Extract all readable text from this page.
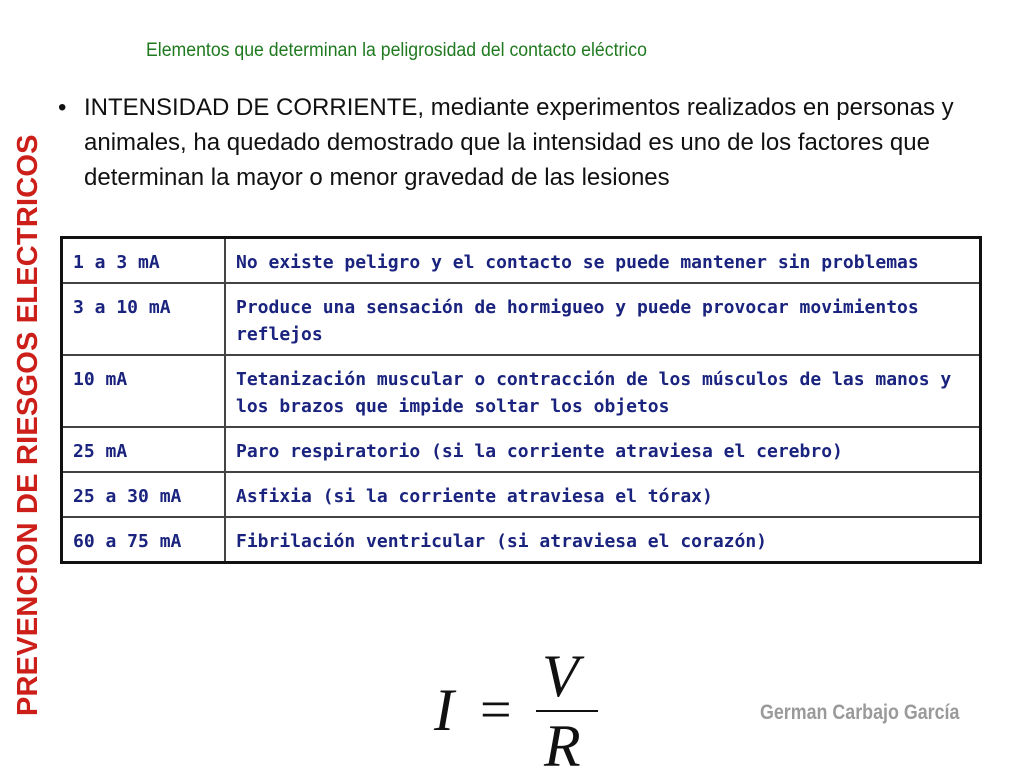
PREVENCION DE RIESGOS ELECTRICOS
Elementos que determinan la peligrosidad del contacto eléctrico
• INTENSIDAD DE CORRIENTE, mediante experimentos realizados en personas y animales, ha quedado demostrado que la intensidad es uno de los factores que determinan la mayor o menor gravedad de las lesiones
1 a 3 mA	No existe peligro y el contacto se puede mantener sin problemas
3 a 10 mA	Produce una sensación de hormigueo y puede provocar movimientos reflejos
10 mA	Tetanización muscular o contracción de los músculos de las manos y los brazos que impide soltar los objetos
25 mA	Paro respiratorio (si la corriente atraviesa el cerebro)
25 a 30 mA	Asfixia (si la corriente atraviesa el tórax)
60 a 75 mA	Fibrilación ventricular (si atraviesa el corazón)
I =
V
R
German Carbajo García
